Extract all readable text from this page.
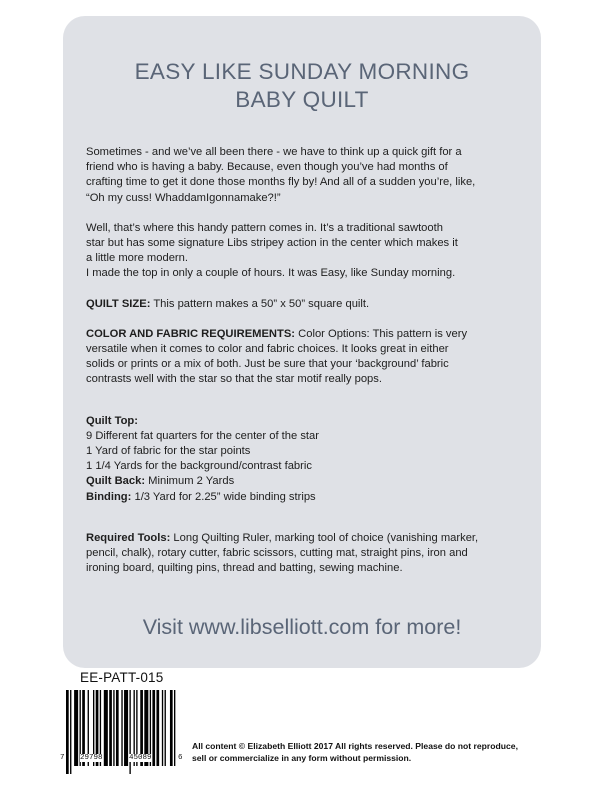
EASY LIKE SUNDAY MORNING
BABY QUILT

Sometimes - and we’ve all been there - we have to think up a quick gift for a
friend who is having a baby. Because, even though you’ve had months of
crafting time to get it done those months fly by! And all of a sudden you’re, like,
“Oh my cuss! WhaddamIgonnamake?!”

Well, that’s where this handy pattern comes in. It’s a traditional sawtooth
star but has some signature Libs stripey action in the center which makes it
a little more modern.
I made the top in only a couple of hours. It was Easy, like Sunday morning.

QUILT SIZE: This pattern makes a 50” x 50” square quilt.

COLOR AND FABRIC REQUIREMENTS: Color Options: This pattern is very
versatile when it comes to color and fabric choices. It looks great in either
solids or prints or a mix of both. Just be sure that your ‘background’ fabric
contrasts well with the star so that the star motif really pops.

Quilt Top:
9 Different fat quarters for the center of the star
1 Yard of fabric for the star points
1 1/4 Yards for the background/contrast fabric
Quilt Back: Minimum 2 Yards
Binding: 1/3 Yard for 2.25” wide binding strips

Required Tools: Long Quilting Ruler, marking tool of choice (vanishing marker,
pencil, chalk), rotary cutter, fabric scissors, cutting mat, straight pins, iron and
ironing board, quilting pins, thread and batting, sewing machine.

Visit www.libselliott.com for more!
EE-PATT-015
7 29798	45089	6
All content © Elizabeth Elliott 2017 All rights reserved. Please do not reproduce,
sell or commercialize in any form without permission.
